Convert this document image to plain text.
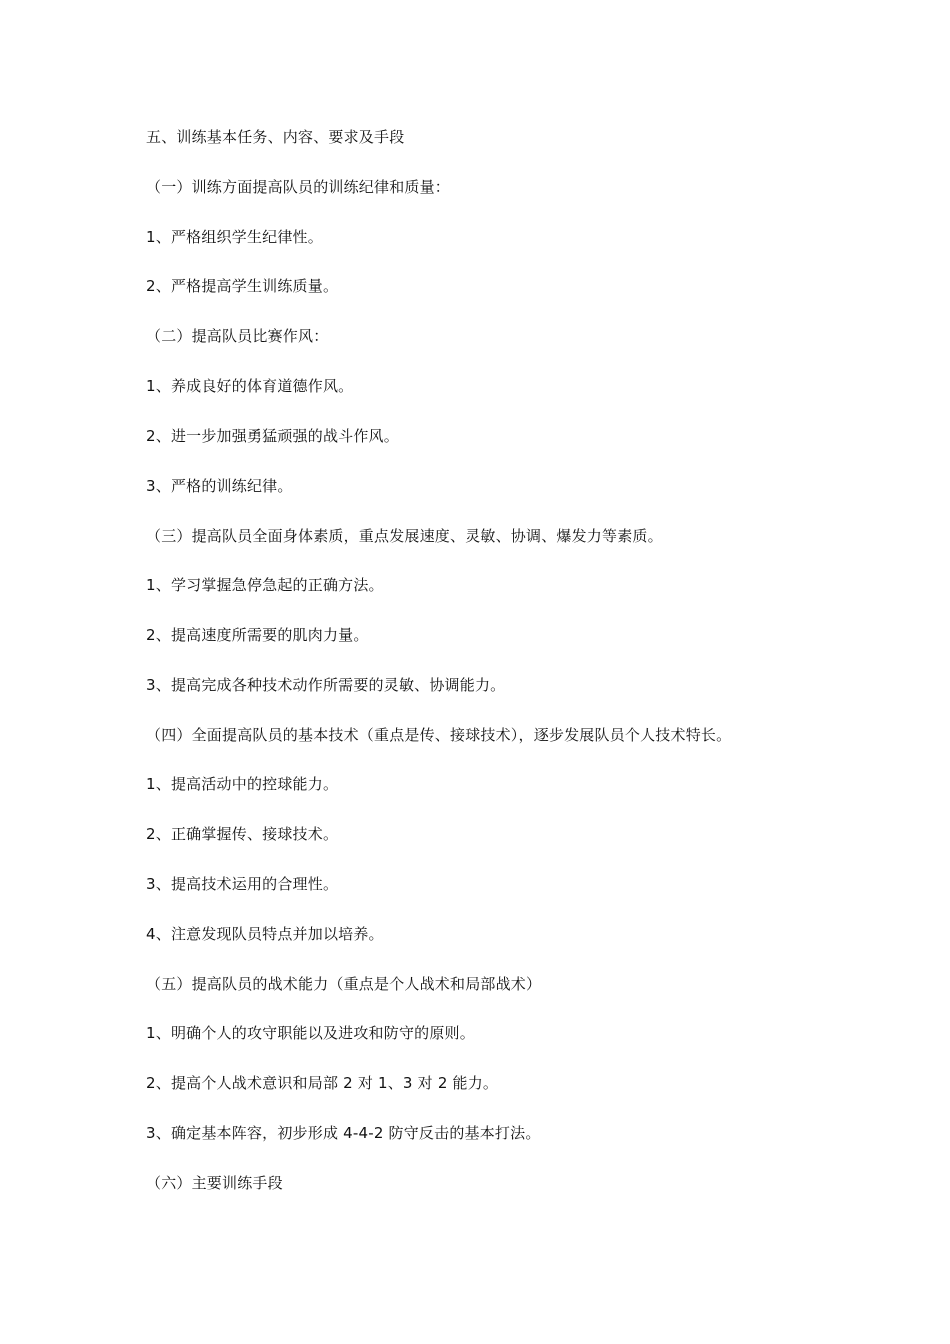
五、训练基本任务、内容、要求及手段
（一）训练方面提高队员的训练纪律和质量：
1、严格组织学生纪律性。
2、严格提高学生训练质量。
（二）提高队员比赛作风：
1、养成良好的体育道德作风。
2、进一步加强勇猛顽强的战斗作风。
3、严格的训练纪律。
（三）提高队员全面身体素质，重点发展速度、灵敏、协调、爆发力等素质。
1、学习掌握急停急起的正确方法。
2、提高速度所需要的肌肉力量。
3、提高完成各种技术动作所需要的灵敏、协调能力。
（四）全面提高队员的基本技术（重点是传、接球技术），逐步发展队员个人技术特长。
1、提高活动中的控球能力。
2、正确掌握传、接球技术。
3、提高技术运用的合理性。
4、注意发现队员特点并加以培养。
（五）提高队员的战术能力（重点是个人战术和局部战术）
1、明确个人的攻守职能以及进攻和防守的原则。
2、提高个人战术意识和局部 2 对 1、3 对 2 能力。
3、确定基本阵容，初步形成 4-4-2 防守反击的基本打法。
（六）主要训练手段
